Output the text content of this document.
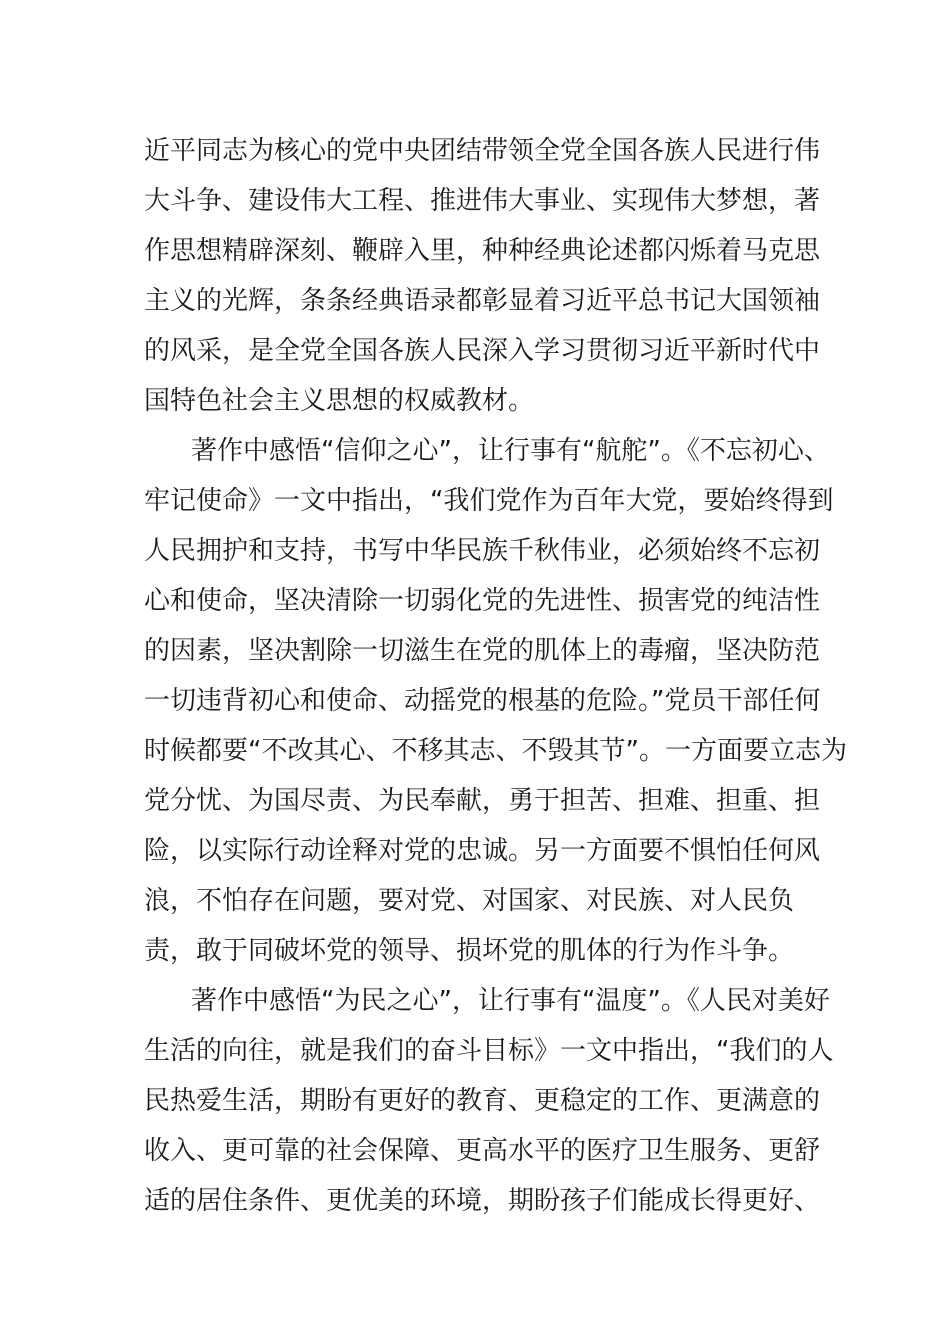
近平同志为核心的党中央团结带领全党全国各族人民进行伟
大斗争、建设伟大工程、推进伟大事业、实现伟大梦想，著
作思想精辟深刻、鞭辟入里，种种经典论述都闪烁着马克思
主义的光辉，条条经典语录都彰显着习近平总书记大国领袖
的风采，是全党全国各族人民深入学习贯彻习近平新时代中
国特色社会主义思想的权威教材。
著作中感悟“信仰之心”，让行事有“航舵”。《不忘初心、
牢记使命》一文中指出，“我们党作为百年大党，要始终得到
人民拥护和支持，书写中华民族千秋伟业，必须始终不忘初
心和使命，坚决清除一切弱化党的先进性、损害党的纯洁性
的因素，坚决割除一切滋生在党的肌体上的毒瘤，坚决防范
一切违背初心和使命、动摇党的根基的危险。”党员干部任何
时候都要“不改其心、不移其志、不毁其节”。一方面要立志为
党分忧、为国尽责、为民奉献，勇于担苦、担难、担重、担
险，以实际行动诠释对党的忠诚。另一方面要不惧怕任何风
浪，不怕存在问题，要对党、对国家、对民族、对人民负
责，敢于同破坏党的领导、损坏党的肌体的行为作斗争。
著作中感悟“为民之心”，让行事有“温度”。《人民对美好
生活的向往，就是我们的奋斗目标》一文中指出，“我们的人
民热爱生活，期盼有更好的教育、更稳定的工作、更满意的
收入、更可靠的社会保障、更高水平的医疗卫生服务、更舒
适的居住条件、更优美的环境，期盼孩子们能成长得更好、
